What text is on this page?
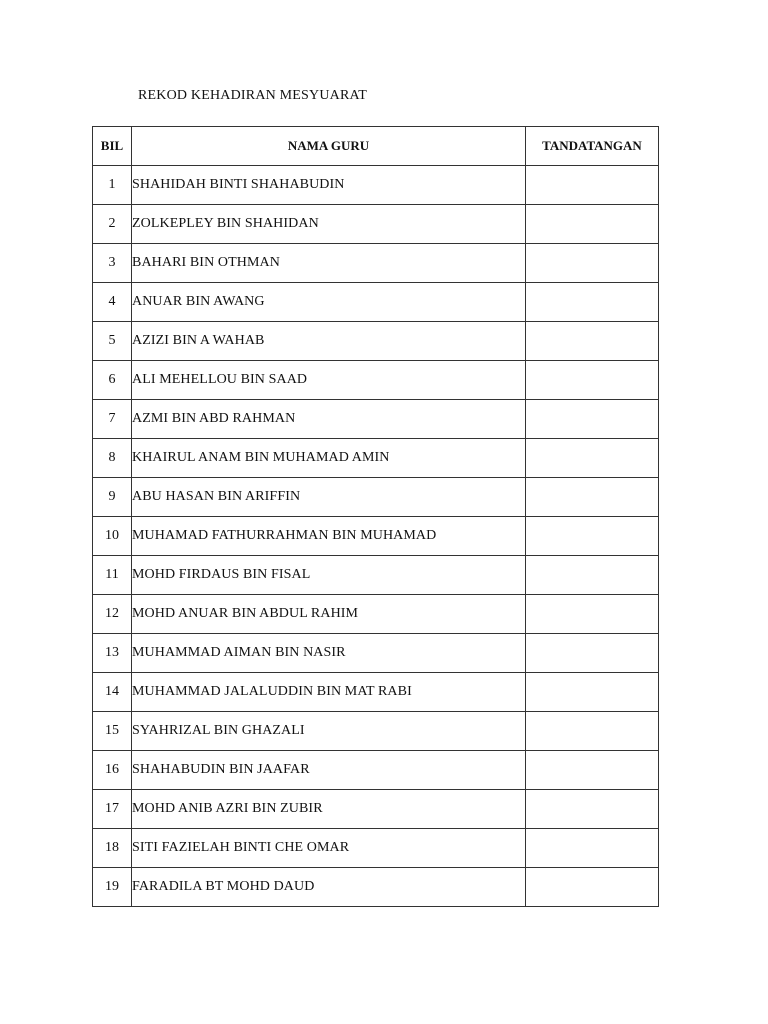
REKOD KEHADIRAN MESYUARAT
BIL	NAMA GURU	TANDATANGAN
1	SHAHIDAH BINTI SHAHABUDIN	
2	ZOLKEPLEY BIN SHAHIDAN	
3	BAHARI BIN OTHMAN	
4	ANUAR BIN AWANG	
5	AZIZI BIN A WAHAB	
6	ALI MEHELLOU BIN SAAD	
7	AZMI BIN ABD RAHMAN	
8	KHAIRUL ANAM BIN MUHAMAD AMIN	
9	ABU HASAN BIN ARIFFIN	
10	MUHAMAD FATHURRAHMAN BIN MUHAMAD	
11	MOHD FIRDAUS BIN FISAL	
12	MOHD ANUAR BIN ABDUL RAHIM	
13	MUHAMMAD AIMAN BIN NASIR	
14	MUHAMMAD JALALUDDIN BIN MAT RABI	
15	SYAHRIZAL BIN GHAZALI	
16	SHAHABUDIN BIN JAAFAR	
17	MOHD ANIB AZRI BIN ZUBIR	
18	SITI FAZIELAH BINTI CHE OMAR	
19	FARADILA BT MOHD DAUD	
